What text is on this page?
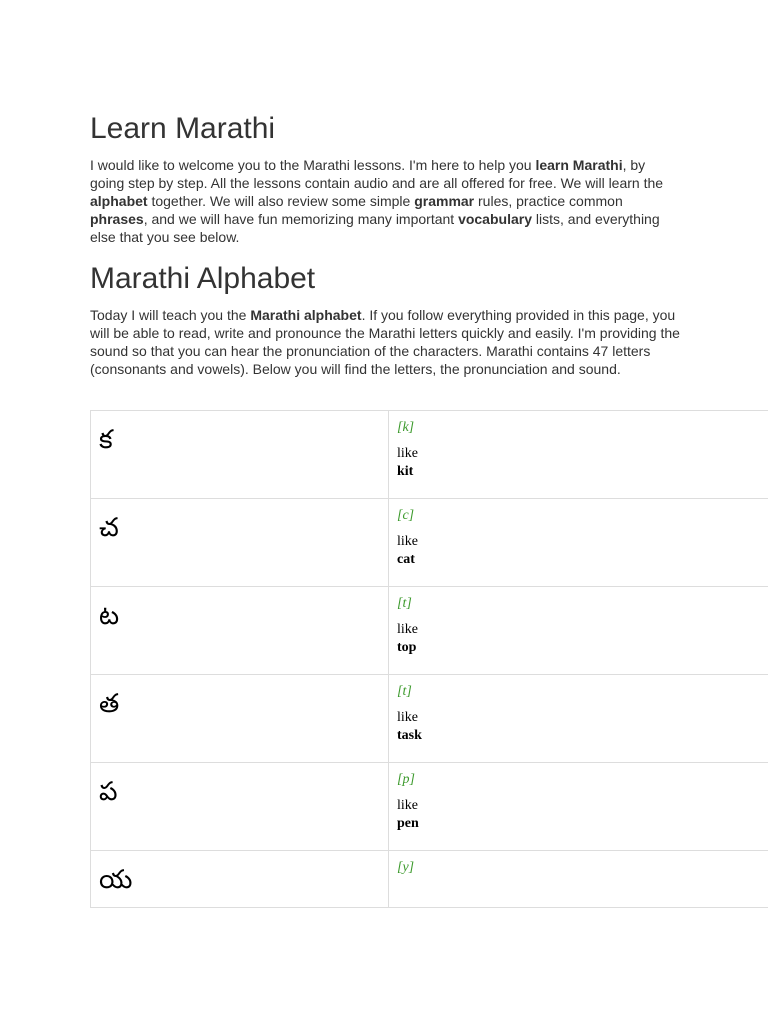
Learn Marathi

I would like to welcome you to the Marathi lessons. I'm here to help you learn Marathi, by going step by step. All the lessons contain audio and are all offered for free. We will learn the alphabet together. We will also review some simple grammar rules, practice common phrases, and we will have fun memorizing many important vocabulary lists, and everything else that you see below.

Marathi Alphabet

Today I will teach you the Marathi alphabet. If you follow everything provided in this page, you will be able to read, write and pronounce the Marathi letters quickly and easily. I'm providing the sound so that you can hear the pronunciation of the characters. Marathi contains 47 letters (consonants and vowels). Below you will find the letters, the pronunciation and sound.

క	[k]
like
kit

చ	[c]
like
cat

ట	[t]
like
top

త	[t]
like
task

ప	[p]
like
pen

య	[y]
